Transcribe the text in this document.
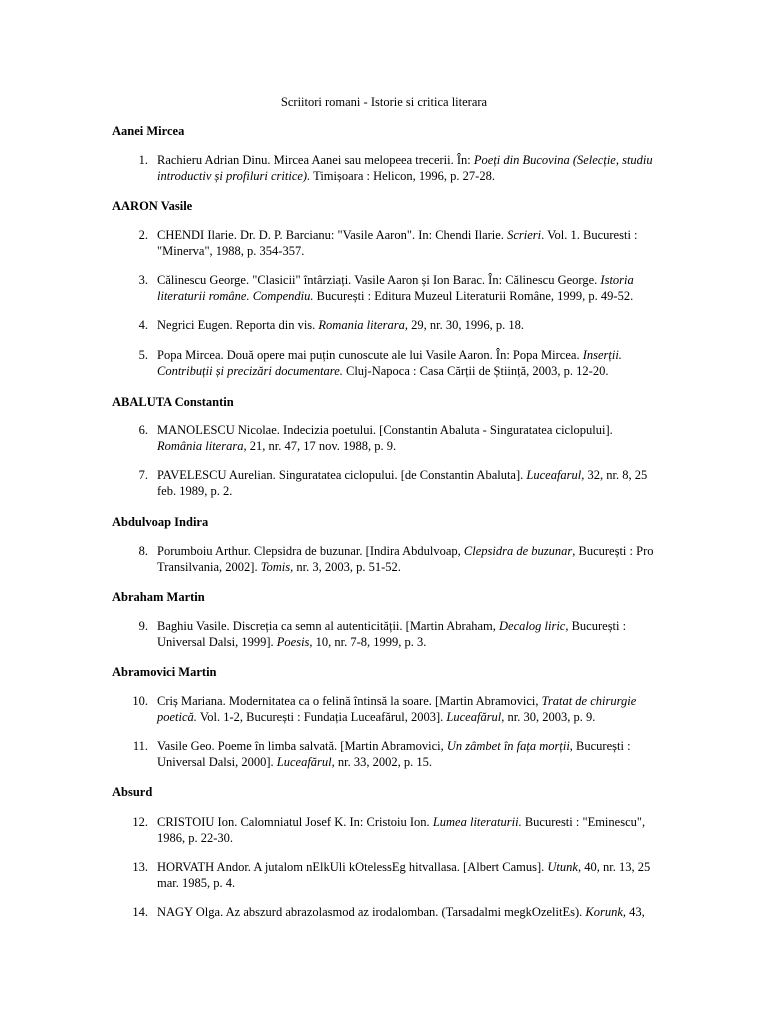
Scriitori romani - Istorie si critica literara
Aanei Mircea
1. Rachieru Adrian Dinu. Mircea Aanei sau melopeea trecerii. În: Poeți din Bucovina (Selecție, studiu introductiv și profiluri critice). Timișoara : Helicon, 1996, p. 27-28.
AARON Vasile
2. CHENDI Ilarie. Dr. D. P. Barcianu: "Vasile Aaron". In: Chendi Ilarie. Scrieri. Vol. 1. Bucuresti : "Minerva", 1988, p. 354-357.
3. Călinescu George. "Clasicii" întârziați. Vasile Aaron și Ion Barac. În: Călinescu George. Istoria literaturii române. Compendiu. București : Editura Muzeul Literaturii Române, 1999, p. 49-52.
4. Negrici Eugen. Reporta din vis. Romania literara, 29, nr. 30, 1996, p. 18.
5. Popa Mircea. Două opere mai puțin cunoscute ale lui Vasile Aaron. În: Popa Mircea. Inserții. Contribuții și precizări documentare. Cluj-Napoca : Casa Cărții de Știință, 2003, p. 12-20.
ABALUTA Constantin
6. MANOLESCU Nicolae. Indecizia poetului. [Constantin Abaluta - Singuratatea ciclopului]. România literara, 21, nr. 47, 17 nov. 1988, p. 9.
7. PAVELESCU Aurelian. Singuratatea ciclopului. [de Constantin Abaluta]. Luceafarul, 32, nr. 8, 25 feb. 1989, p. 2.
Abdulvoap Indira
8. Porumboiu Arthur. Clepsidra de buzunar. [Indira Abdulvoap, Clepsidra de buzunar, București : Pro Transilvania, 2002]. Tomis, nr. 3, 2003, p. 51-52.
Abraham Martin
9. Baghiu Vasile. Discreția ca semn al autenticității. [Martin Abraham, Decalog liric, București : Universal Dalsi, 1999]. Poesis, 10, nr. 7-8, 1999, p. 3.
Abramovici Martin
10. Criș Mariana. Modernitatea ca o felină întinsă la soare. [Martin Abramovici, Tratat de chirurgie poetică. Vol. 1-2, București : Fundația Luceafărul, 2003]. Luceafărul, nr. 30, 2003, p. 9.
11. Vasile Geo. Poeme în limba salvată. [Martin Abramovici, Un zâmbet în fața morții, București : Universal Dalsi, 2000]. Luceafărul, nr. 33, 2002, p. 15.
Absurd
12. CRISTOIU Ion. Calomniatul Josef K. In: Cristoiu Ion. Lumea literaturii. Bucuresti : "Eminescu", 1986, p. 22-30.
13. HORVATH Andor. A jutalom nElkUli kOtelessEg hitvallasa. [Albert Camus]. Utunk, 40, nr. 13, 25 mar. 1985, p. 4.
14. NAGY Olga. Az abszurd abrazolasmod az irodalomban. (Tarsadalmi megkOzelitEs). Korunk, 43,
